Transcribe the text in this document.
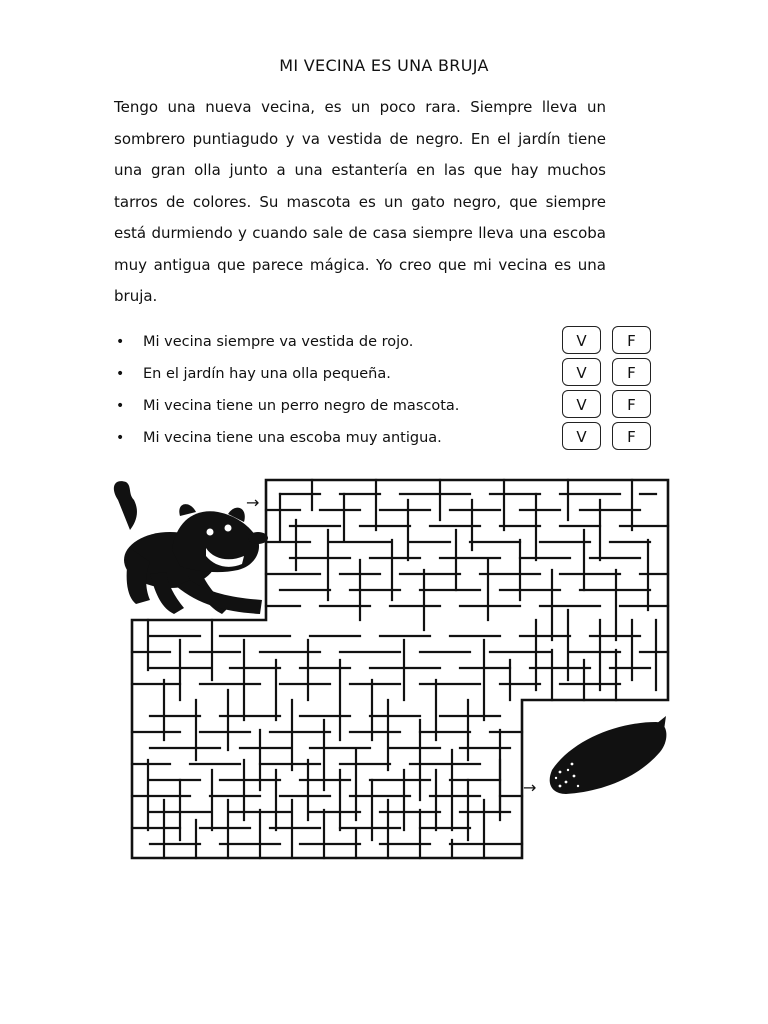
MI VECINA ES UNA BRUJA
Tengo una nueva vecina, es un poco rara. Siempre lleva un sombrero puntiagudo y va vestida de negro. En el jardín tiene una gran olla junto a una estantería en las que hay muchos tarros de colores. Su mascota es un gato negro, que siempre está durmiendo y cuando sale de casa siempre lleva una escoba muy antigua que parece mágica. Yo creo que mi vecina es una bruja.
• Mi vecina siempre va vestida de rojo.	V	F
• En el jardín hay una olla pequeña.	V	F
• Mi vecina tiene un perro negro de mascota.	V	F
• Mi vecina tiene una escoba muy antigua.	V	F
→
→
